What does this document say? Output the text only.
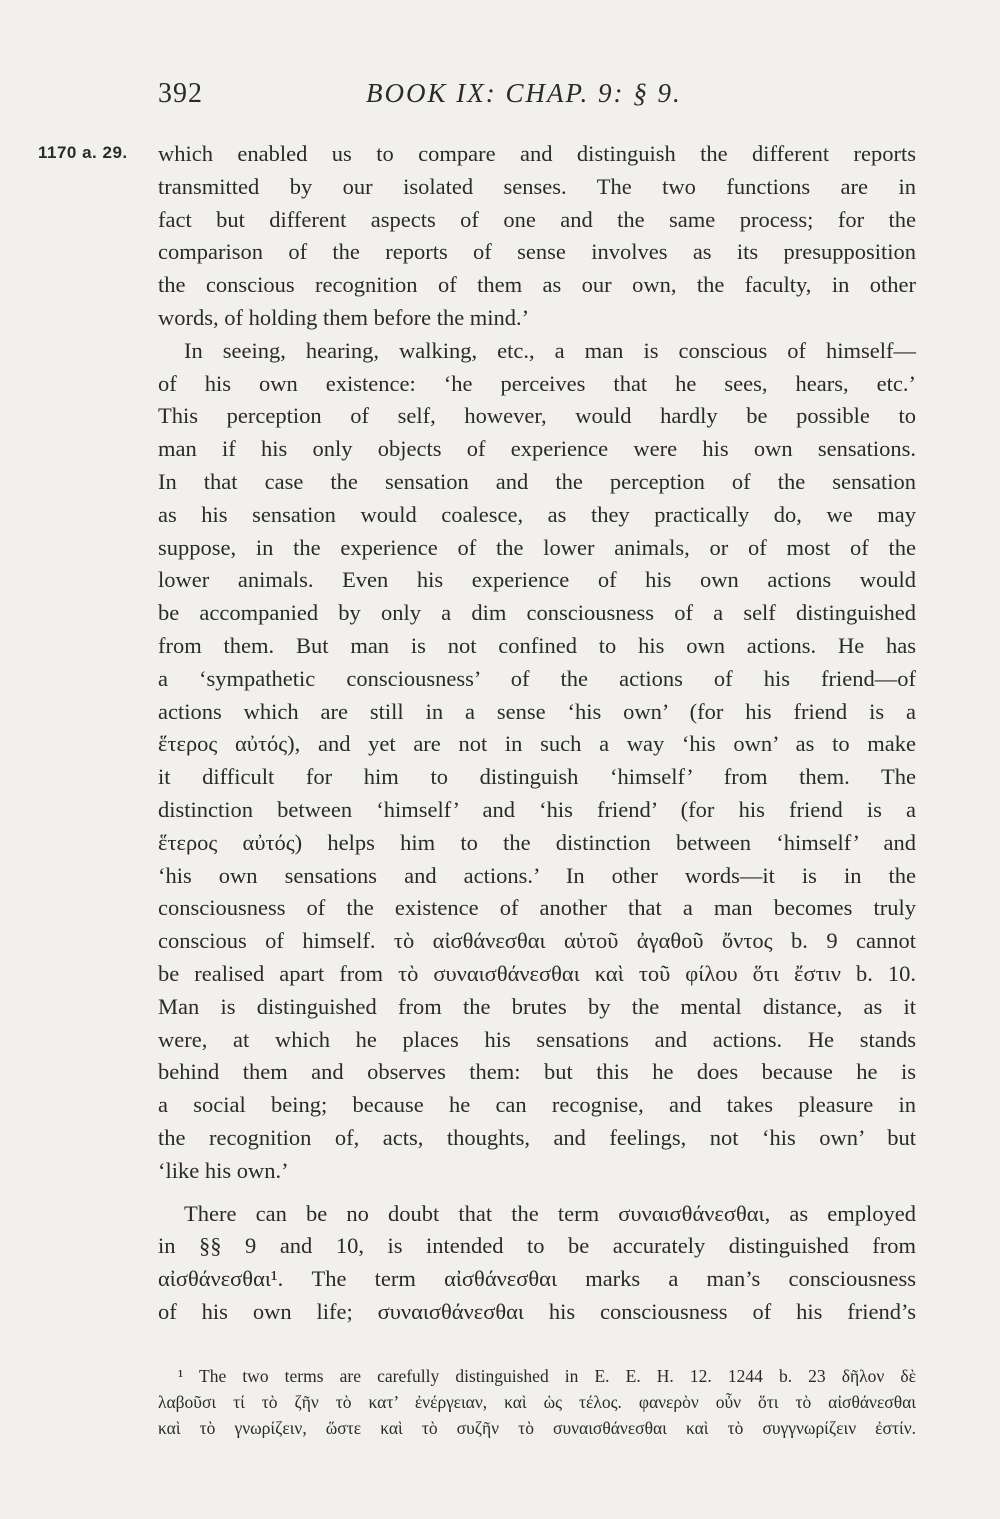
392	BOOK IX: CHAP. 9: § 9.
1170 a. 29. which enabled us to compare and distinguish the different reports
transmitted by our isolated senses. The two functions are in
fact but different aspects of one and the same process; for the
comparison of the reports of sense involves as its presupposition
the conscious recognition of them as our own, the faculty, in other
words, of holding them before the mind.’
In seeing, hearing, walking, etc., a man is conscious of himself—
of his own existence: ‘he perceives that he sees, hears, etc.’
This perception of self, however, would hardly be possible to
man if his only objects of experience were his own sensations.
In that case the sensation and the perception of the sensation
as his sensation would coalesce, as they practically do, we may
suppose, in the experience of the lower animals, or of most of the
lower animals. Even his experience of his own actions would
be accompanied by only a dim consciousness of a self distinguished
from them. But man is not confined to his own actions. He has
a ‘sympathetic consciousness’ of the actions of his friend—of
actions which are still in a sense ‘his own’ (for his friend is a
ἕτερος αὐτός), and yet are not in such a way ‘his own’ as to make
it difficult for him to distinguish ‘himself’ from them. The
distinction between ‘himself’ and ‘his friend’ (for his friend is a
ἕτερος αὐτός) helps him to the distinction between ‘himself’ and
‘his own sensations and actions.’ In other words—it is in the
consciousness of the existence of another that a man becomes truly
conscious of himself. τὸ αἰσθάνεσθαι αὑτοῦ ἀγαθοῦ ὄντος b. 9 cannot
be realised apart from τὸ συναισθάνεσθαι καὶ τοῦ φίλου ὅτι ἔστιν b. 10.
Man is distinguished from the brutes by the mental distance, as it
were, at which he places his sensations and actions. He stands
behind them and observes them: but this he does because he is
a social being; because he can recognise, and takes pleasure in
the recognition of, acts, thoughts, and feelings, not ‘his own’ but
‘like his own.’
There can be no doubt that the term συναισθάνεσθαι, as employed
in §§ 9 and 10, is intended to be accurately distinguished from
αἰσθάνεσθαι¹. The term αἰσθάνεσθαι marks a man’s consciousness
of his own life; συναισθάνεσθαι his consciousness of his friend’s
¹ The two terms are carefully distinguished in E. E. H. 12. 1244 b. 23 δῆλον δὲ
λαβοῦσι τί τὸ ζῆν τὸ κατ’ ἐνέργειαν, καὶ ὡς τέλος. φανερὸν οὖν ὅτι τὸ αἰσθάνεσθαι
καὶ τὸ γνωρίζειν, ὥστε καὶ τὸ συζῆν τὸ συναισθάνεσθαι καὶ τὸ συγγνωρίζειν ἐστίν.
